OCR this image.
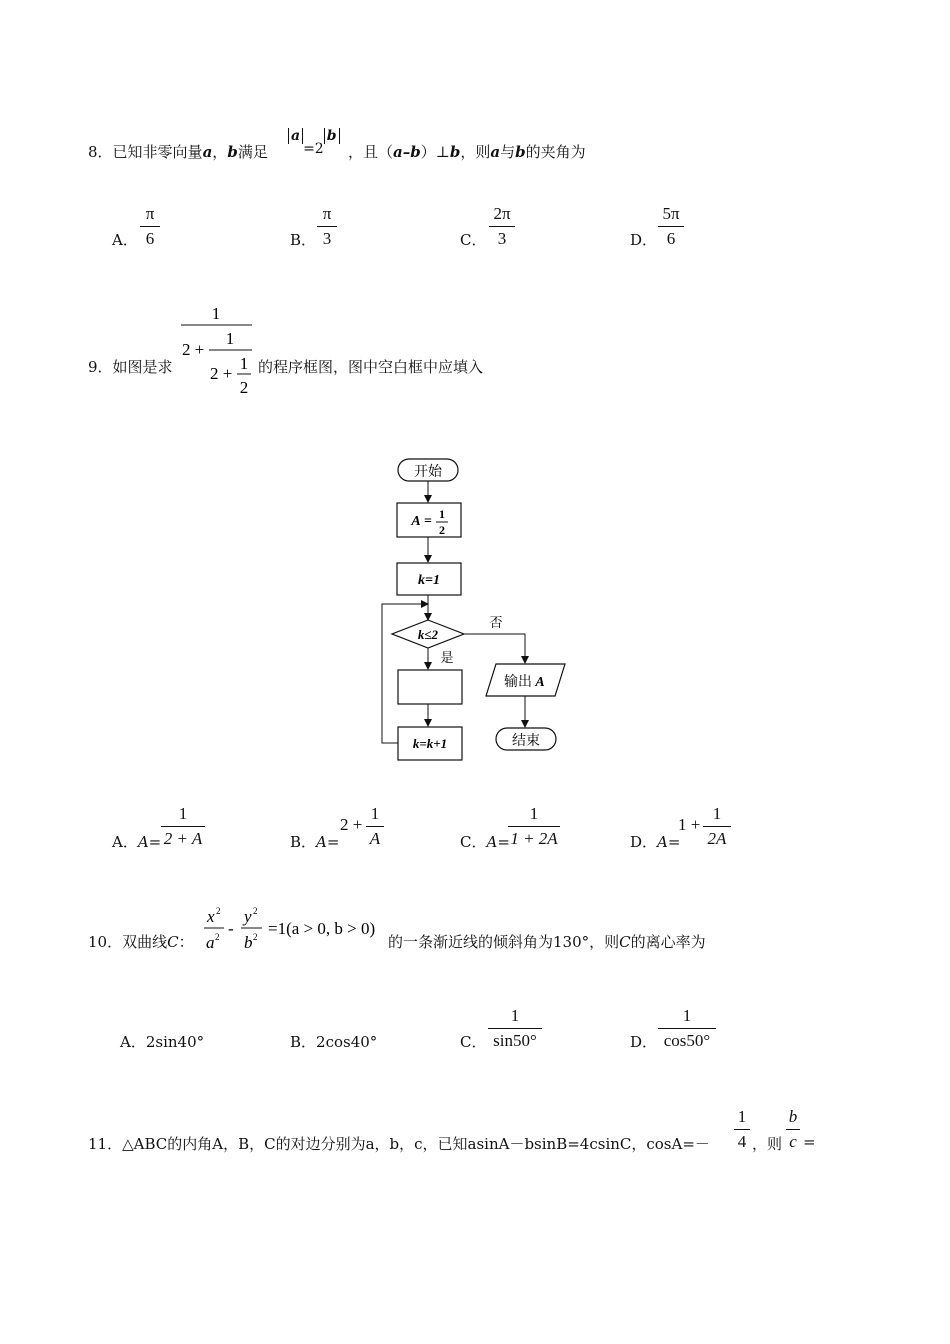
8．已知非零向量a，b满足
a=2b
，且（a–b）⊥b，则a与b的夹角为
A．
π
6	B．
π
3	C．
2π
3	D．
5π
6
9．如图是求
1
2 +
1
2 +
1
2
的程序框图，图中空白框中应填入
开始
A = 1
2
k=1
k≤2
否
是
k=k+1
输出 A
结束
A．A=
1
2 + A	B．A=
2 +
1
A	C．A=
1
1 + 2A	D．A=
1 +
1
2A
10．双曲线C：
x 2
a 2 -
y 2
b 2 =1(a > 0, b > 0)
的一条渐近线的倾斜角为130°，则C的离心率为
A．2sin40°	B．2cos40°	C．
1
sin50°	D．
1
cos50°
11．△ABC的内角A，B，C的对边分别为a，b，c，已知asinA－bsinB=4csinC，cosA=－
1
4 ，则
b
c =
